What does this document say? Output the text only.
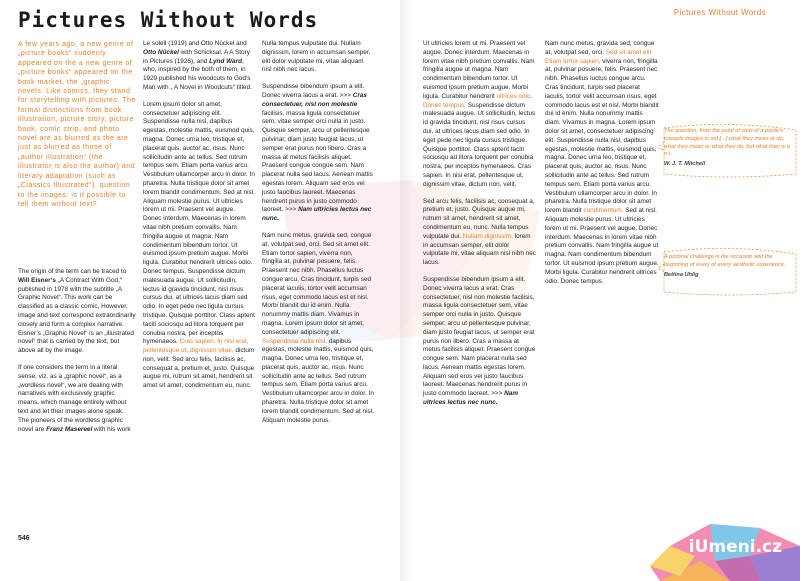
Pictures Without Words	Pictures Without Words
A few years ago, a new genre of „picture books“ suddenly appeared on the a new genre of „picture books“ appeared on the book market, the „graphic novels. Like comics, they stand for storytelling with pictures. The formal distinctions from book illustration, picture story, picture book, comic strip, and photo novel are as blurred as the are just as blurred as those of „author illustration“ (the illustrator is also the author) and literary adaptation (such as „Classics Illustrated“). question to the images: is it possible to tell them without text?

The origin of the term can be traced to Will Eisner‘s „A Contract With God,“ published in 1978 with the subtitle „A Graphic Novel“. This work can be classified as a classic comic, However, image and text correspond extraordinarily closely and form a complex narrative. Eisner’s „Graphic Novel“ is an „illustrated novel“ that is carried by the text, but above all by the image.

If one considers the term in a literal sense, viz. as a „graphic novel“, as a „wordless novel“, we are dealing with narratives with exclusively graphic means, which manage entirely without text and let their images alone speak. The pioneers of the wordless graphic novel are Franz Masereel with his work

Le soleil (1919) and Otto Nückel and Otto Nückel with Schicksal. A A Story in Pictures (1926), and Lynd Ward, who, inspired by the both of them, in 1929 published his woodcuts to God's Man with „ A Novel in Woodcuts“ titled.

Lorem ipsum dolor sit amet, consectetuer adipiscing elit. Suspendisse nulla nisl, dapibus egestas, molestie mattis, euismod quis, magna. Donec urna leo, tristique et, placerat quis, auctor ac, risus. Nunc sollicitudin ante ac tellus. Sed rutrum tempus sem. Etiam porta varius arcu. Vestibulum ullamcorper arcu in dolor. In pharetra. Nulla tristique dolor sit amet lorem blandit condimentum. Sed at nisl. Aliquam molestie purus. Ut ultricies lorem ut mi. Praesent vel augue. Donec interdum. Maecenas in lorem vitae nibh pretium convallis. Nam fringilla augue ut magna. Nam condimentum bibendum tortor. Ut euismod ipsum pretium augue. Morbi ligula. Curabitur hendrerit ultrices odio. Donec tempus. Suspendisse dictum malesuada augue. Ut sollicitudin, lectus id gravida tincidunt, nisl risus cursus dui, at ultrices lacus diam sed odio. In eget pede nec ligula cursus tristique. Quisque porttitor. Class aptent taciti sociosqu ad litora torquent per conubia nostra, per inceptos hymenaeos. Cras sapien. In nisi erat, pellentesque ut, dignissim vitae, dictum non, velit. Sed arcu felis, facilisis ac, consequat a, pretium et, justo. Quisque augue mi, rutrum sit amet, hendrerit sit amet sit amet, condimentum eu, nunc.

Nulla tempus vulputate dui. Nullam dignissim, lorem in accumsan semper, elit dolor vulputate mi, vitae aliquam nisl nibh nec lacus.

Suspendisse bibendum ipsum a elit. Donec viverra lacus a erat. >>> Cras consectetuer, nisl non molestie facilisis, massa ligula consectetuer sem, vitae semper orci nulla in justo. Quisque semper, arcu ut pellentesque pulvinar, diam justo feugiat lacus, ut semper erat purus non libero. Cras a massa at metus facilisis aliquet. Praesent congue congue sem. Nam placerat nulla sed lacus. Aenean mattis egestas lorem. Aliquam sed eros vel justo faucibus laoreet. Maecenas hendrerit purus in justo commodo laoreet. >>> Nam ultricies lectus nec nunc.

Nam nunc metus, gravida sed, congue at, volutpat sed, orci. Sed sit amet elit. Etiam tortor sapien, viverra non, fringilla at, pulvinar posuere, felis. Praesent nec nibh. Phasellus luctus congue arcu. Cras tincidunt, turpis sed placerat iaculis, tortor velit accumsan risus, eget commodo lacus est et nisl. Morbi blandit dui id enim. Nulla nonummy mattis diam. Vivamus in magna. Lorem ipsum dolor sit amet, consectetuer adipiscing elit. Suspendisse nulla nisl, dapibus egestas, molestie mattis, euismod quis, magna. Donec urna leo, tristique et, placerat quis, auctor ac, risus. Nunc sollicitudin ante ac tellus. Sed rutrum tempus sem. Etiam porta varius arcu. Vestibulum ullamcorper arcu in dolor. In pharetra. Nulla tristique dolor sit amet lorem blandit condimentum. Sed at nisl. Aliquam molestie purus.

Ut ultricies lorem ut mi. Praesent vel augue. Donec interdum. Maecenas in lorem vitae nibh pretium convallis. Nam fringilla augue ut magna. Nam condimentum bibendum tortor. Ut euismod ipsum pretium augue. Morbi ligula. Curabitur hendrerit ultrices odio. Donec tempus. Suspendisse dictum malesuada augue. Ut sollicitudin, lectus id gravida tincidunt, nisl risus cursus dui, at ultrices lacus diam sed odio. In eget pede nec ligula cursus tristique. Quisque porttitor. Class aptent taciti sociosqu ad litora torquent per conubia nostra, per inceptos hymenaeos. Cras sapien. In nisi erat, pellentesque ut, dignissim vitae, dictum non, velit.

Sed arcu felis, facilisis ac, consequat a, pretium et, justo. Quisque augue mi, rutrum sit amet, hendrerit sit amet, condimentum eu, nunc. Nulla tempus vulputate dui. Nullam dignissim, lorem in accumsan semper, elit dolor vulputate mi, vitae aliquam nisl nibh nec lacus.

Suspendisse bibendum ipsum a elit. Donec viverra lacus a erat. Cras consectetuer, nisl non molestie facilisis, massa ligula consectetuer sem, vitae semper orci nulla in justo. Quisque semper, arcu ut pellentesque pulvinar, diam justo feugiat lacus, ut semper erat purus non libero. Cras a massa at metus facilisis aliquet. Praesent congue congue sem. Nam placerat nulla sed lacus. Aenean mattis egestas lorem. Aliquam sed eros vel justo faucibus laoreet. Maecenas hendrerit purus in justo commodo laoreet. >>> Nam ultrices lectus nec nunc.

Nam nunc metus, gravida sed, congue at, volutpat sed, orci. Sed sit amet elit. Etiam tortor sapien, viverra non, fringilla at, pulvinar posuere, felis. Praesent nec nibh. Phasellus luctus congue arcu. Cras tincidunt, turpis sed placerat iaculis, tortor velit accumsan risus, eget commodo lacus est et nisl. Morbi blandit dui id enim. Nulla nonummy mattis diam. Vivamus in magna. Lorem ipsum dolor sit amet, consectetuer adipiscing elit. Suspendisse nulla nisl, dapibus egestas, molestie mattis, euismod quis, magna. Donec urna leo, tristique et, placerat quis, auctor ac, risus. Nunc sollicitudin ante ac tellus. Sed rutrum tempus sem. Etiam porta varius arcu. Vestibulum ullamcorper arcu in dolor. In pharetra. Nulla tristique dolor sit amet lorem blandit condimentum. Sed at nisl. Aliquam molestie purus. Ut ultricies lorem ut mi. Praesent vel augue. Donec interdum. Maecenas in lorem vitae nibh pretium convallis. Nam fringilla augue ut magna. Nam condimentum bibendum tortor. Ut euismod ipsum pretium augue. Morbi ligula. Curabitur hendrerit ultrices odio. Donec tempus.

The question, from the point of view of a poetics towards images is not [...] what they mean or do, what they mean or what they do, but what they w a n t.
W. J. T. Mitchell
A pictorial challenge is the occasion and the beginning of every of every aesthetic experience.
Bettina Uhlig
546	iUmeni.cz
